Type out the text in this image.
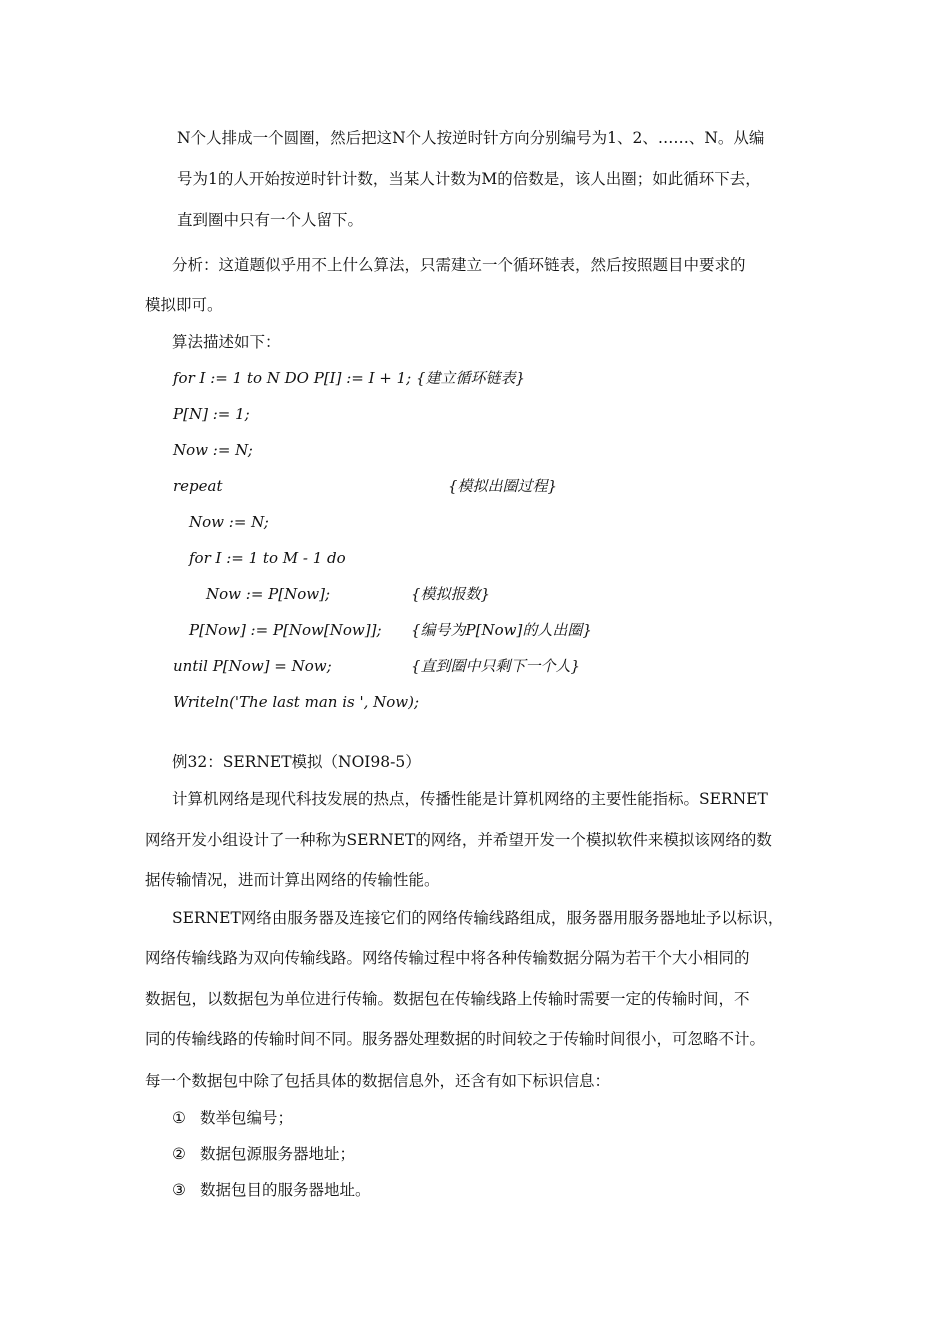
N个人排成一个圆圈，然后把这N个人按逆时针方向分别编号为1、2、……、N。从编
号为1的人开始按逆时针计数，当某人计数为M的倍数是，该人出圈；如此循环下去，
直到圈中只有一个人留下。
分析：这道题似乎用不上什么算法，只需建立一个循环链表，然后按照题目中要求的
模拟即可。
算法描述如下：
for I := 1 to N DO P[I] := I + 1; {建立循环链表}
P[N] := 1;
Now := N;
repeat	{模拟出圈过程}
Now := N;
for I := 1 to M - 1 do
Now := P[Now];	{模拟报数}
P[Now] := P[Now[Now]]; {编号为P[Now]的人出圈}
until P[Now] = Now;	{直到圈中只剩下一个人}
Writeln('The last man is ', Now);
例32：SERNET模拟（NOI98-5）
计算机网络是现代科技发展的热点，传播性能是计算机网络的主要性能指标。SERNET
网络开发小组设计了一种称为SERNET的网络，并希望开发一个模拟软件来模拟该网络的数
据传输情况，进而计算出网络的传输性能。
SERNET网络由服务器及连接它们的网络传输线路组成，服务器用服务器地址予以标识，
网络传输线路为双向传输线路。网络传输过程中将各种传输数据分隔为若干个大小相同的
数据包，以数据包为单位进行传输。数据包在传输线路上传输时需要一定的传输时间，不
同的传输线路的传输时间不同。服务器处理数据的时间较之于传输时间很小，可忽略不计。
每一个数据包中除了包括具体的数据信息外，还含有如下标识信息：
① 数举包编号；
② 数据包源服务器地址；
③ 数据包目的服务器地址。
